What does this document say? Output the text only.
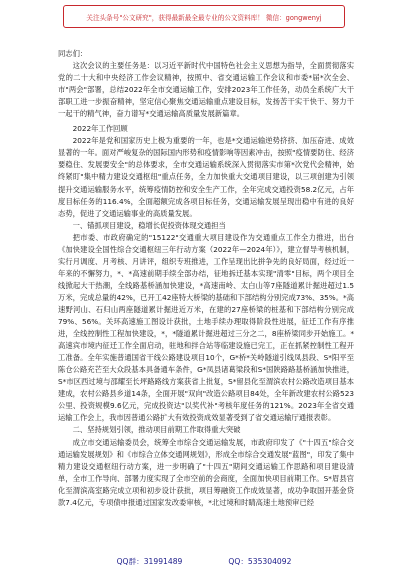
关注头条号"公文研究"，获得最新最全最专业的公文资料库！ 微信：gongwenyj

同志们：

这次会议的主要任务是：以习近平新时代中国特色社会主义思想为指导，全面贯彻落实党的二十大和中央经济工作会议精神，按照中、省交通运输工作会议和市委*届*次全会、市"两会"部署，总结2022年全市交通运输工作，安排2023年工作任务，动员全系统广大干部职工进一步振奋精神，坚定信心聚焦交通运输重点建设目标，发扬苦干实干快干、努力干一起干的精气神，奋力谱写*交通运输高质量发展新篇章。

2022年工作回顾

2022年是党和国家历史上极为重要的一年，也是*交通运输逆势挤挤、加压奋进、成效显著的一年。面对严峻复杂的国际国内形势和疫情影响等因素冲击，按照"疫情要防住、经济要稳住、发展要安全"的总体要求，全市交通运输系统深入贯彻落实市第*次党代会精神，始终紧盯"集中精力建设交通枢纽"重点任务，全力加快重大交通项目建设，以三项创建为引领提升交通运输服务水平，统筹疫情防控和安全生产工作，全年完成交通投资58.2亿元，占年度目标任务的116.4%，全面超额完成各项目标任务，交通运输发展呈现出稳中有进的良好态势，促进了交通运输事业的高质量发展。

一、锚抓项目建设，稳增长促投资体现交通担当

把市委、市政府确定的"15122"交通重大项目建设作为交通重点工作全力推进，出台《加快建设全国性综合交通枢纽三年行动方案（2022年—2024年）》，建立督导考核机制，实行月调度、月考核、月讲评，组织专班推进，工作呈现出比拼争先的良好局面，经过近一年来的不懈努力，*、*高速前期手续全部办结，征地拆迁基本实现"清零"目标，两个项目全线掀起大干热潮，全线路基桥涵加快建设，*高速南岭、太白山等7座隧道累计掘进超过1.5万米，完成总量的42%，已开工42座特大桥梁的基础和下部结构分别完成73%、35%。*高速野河山、石归山两座隧道累计掘进近万米，在建的27座桥梁的桩基和下部结构分别完成79%、56%。关环高速施工图设计获批，土地手续办理取得阶段性进展，征迁工作有序推进，全线控制性工程加快建设，*，*隧道累计掘进超过三分之二，8座桥梁同步开始施工。*高速宾市境内征迁工作全面启动，驻地和拌合站等临建设施已完工，正在抓紧控制性工程开工准备。全年实施普通国省干线公路建设项目10个，G*桥*关岭隧道引线凤县段、S*阳平至陈仓公路充芒至大众段基本具备通车条件，G*凤县诸葛梁段和S*国陕路路基桥涵加快推进，S*市区西过境与邵耀至长坪路路线方案获省上批复，S*留县化至渭滨农村公路改造项目基本建成，农村公路县乡道14条，全面开展"双向"改造公路项目84处，全年新改建农村公路523公里、投资规模9.6亿元，完成投资达"以奖代补"考核年度任务的121%。2023年全省交通运输工作会上，我市因普通公路扩大有效投资成效显著受到了省交通运输厅通报表彰。

二、坚持规划引领，推动项目前期工作取得重大突破

成立市交通运输委员会，统筹全市综合交通运输发展，市政府印发了《"十四五"综合交通运输发展规划》和《市综合立体交通网规划》，形成全市综合交通发展"蓝图"，印发了集中精力建设交通枢纽行动方案，进一步明确了"十四五"期间交通运输工作思路和项目建设清单，全市工作导向、部署力度实现了全市空前的会商度，全面加快项目前期工作。S*眉县官化至渭滨高室路完成立项和初步设计获批，项目筹融资工作成效显著，成功争取国开基金贷款7.4亿元，专项债申报通过国家发改委审核，*北过境和时睛高速土地预审已经

QQ群：31991489	QQ：535304092
